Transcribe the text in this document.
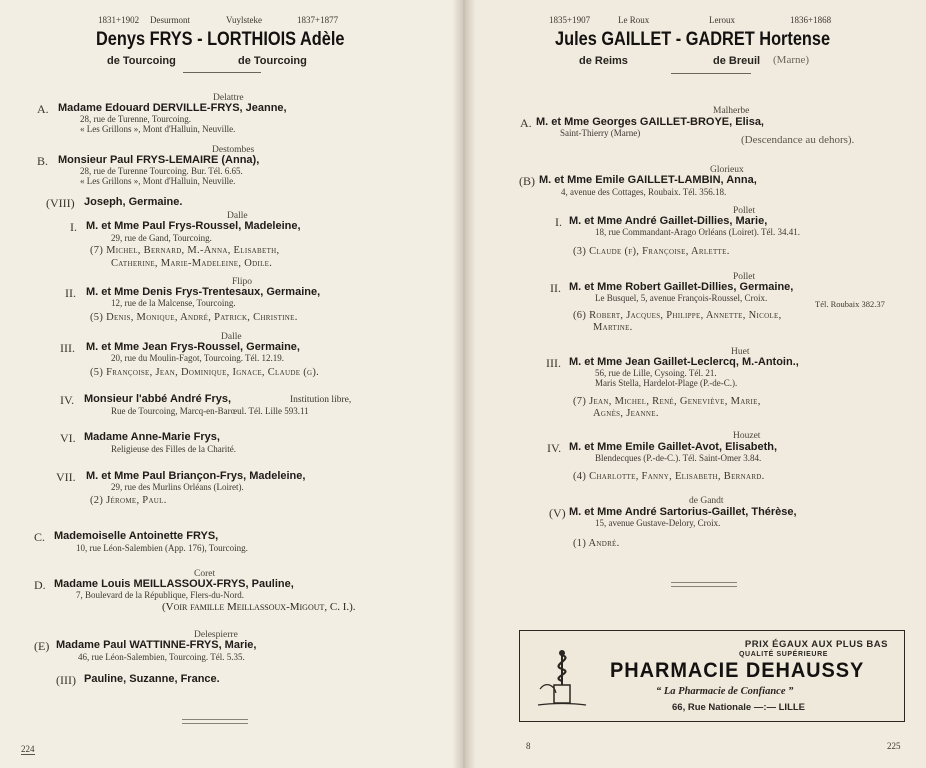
1831+1902 Desurmont	Vuylsteke	1837+1877
Denys FRYS - LORTHIOIS Adèle
de Tourcoing	de Tourcoing
Delattre
A. Madame Edouard DERVILLE-FRYS, Jeanne,
28, rue de Turenne, Tourcoing.
« Les Grillons », Mont d'Halluin, Neuville.
Destombes
B. Monsieur Paul FRYS-LEMAIRE (Anna),
28, rue de Turenne Tourcoing. Bur. Tél. 6.65.
« Les Grillons », Mont d'Halluin, Neuville.
(VIII) Joseph, Germaine.
Dalle
I. M. et Mme Paul Frys-Roussel, Madeleine,
29, rue de Gand, Tourcoing.
(7) Michel, Bernard, M.-Anna, Elisabeth,
Catherine, Marie-Madeleine, Odile.
Flipo
II. M. et Mme Denis Frys-Trentesaux, Germaine,
12, rue de la Malcense, Tourcoing.
(5) Denis, Monique, André, Patrick, Christine.
Dalle
III. M. et Mme Jean Frys-Roussel, Germaine,
20, rue du Moulin-Fagot, Tourcoing. Tél. 12.19.
(5) Françoise, Jean, Dominique, Ignace, Claude (g).
IV. Monsieur l'abbé André Frys,	Institution libre,
Rue de Tourcoing, Marcq-en-Barœul. Tél. Lille 593.11
VI. Madame Anne-Marie Frys,
Religieuse des Filles de la Charité.
VII. M. et Mme Paul Briançon-Frys, Madeleine,
29, rue des Murlins Orléans (Loiret).
(2) Jérome, Paul.
C. Mademoiselle Antoinette FRYS,
10, rue Léon-Salembien (App. 176), Tourcoing.
Coret
D. Madame Louis MEILLASSOUX-FRYS, Pauline,
7, Boulevard de la République, Flers-du-Nord.
(Voir famille Meillassoux-Migout, C. I.).
Delespierre
(E) Madame Paul WATTINNE-FRYS, Marie,
46, rue Léon-Salembien, Tourcoing. Tél. 5.35.
(III) Pauline, Suzanne, France.
224
1835+1907	Le Roux	Leroux	1836+1868
Jules GAILLET - GADRET Hortense
de Reims	de Breuil (Marne)
Malherbe
A. M. et Mme Georges GAILLET-BROYE, Elisa,
Saint-Thierry (Marne)
(Descendance au dehors).
Glorieux
(B) M. et Mme Emile GAILLET-LAMBIN, Anna,
4, avenue des Cottages, Roubaix. Tél. 356.18.
Pollet
I. M. et Mme André Gaillet-Dillies, Marie,
18, rue Commandant-Arago Orléans (Loiret). Tél. 34.41.
(3) Claude (f), Françoise, Arlette.
Pollet
II. M. et Mme Robert Gaillet-Dillies, Germaine,
Le Busquel, 5, avenue François-Roussel, Croix.
Tél. Roubaix 382.37
(6) Robert, Jacques, Philippe, Annette, Nicole,
Martine.
Huet
III. M. et Mme Jean Gaillet-Leclercq, M.-Antoin.,
56, rue de Lille, Cysoing. Tél. 21.
Maris Stella, Hardelot-Plage (P.-de-C.).
(7) Jean, Michel, René, Geneviève, Marie,
Agnès, Jeanne.
Houzet
IV. M. et Mme Emile Gaillet-Avot, Elisabeth,
Blendecques (P.-de-C.). Tél. Saint-Omer 3.84.
(4) Charlotte, Fanny, Elisabeth, Bernard.
de Gandt
(V) M. et Mme André Sartorius-Gaillet, Thérèse,
15, avenue Gustave-Delory, Croix.
(1) André.
PRIX ÉGAUX AUX PLUS BAS
QUALITÉ SUPÉRIEURE
PHARMACIE DEHAUSSY
“ La Pharmacie de Confiance ”
66, Rue Nationale —:— LILLE
8	225
